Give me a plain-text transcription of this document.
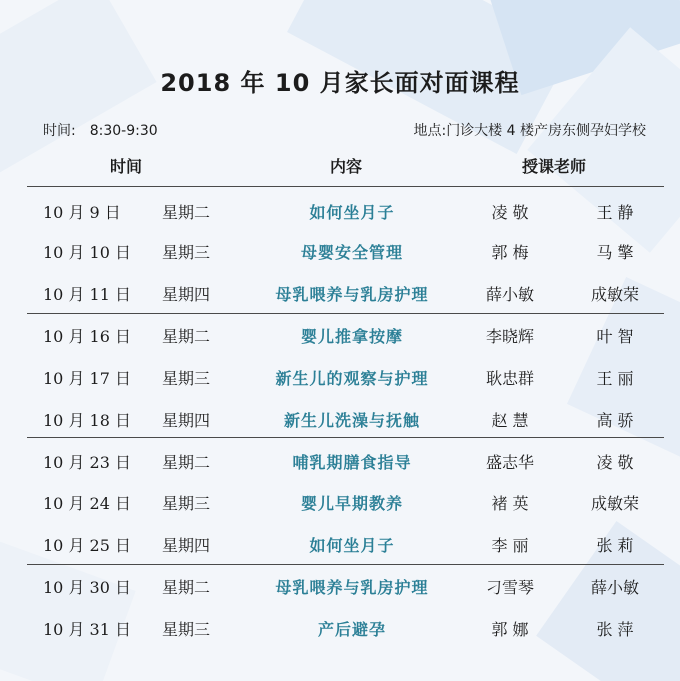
2018 年 10 月家长面对面课程
时间: 8:30-9:30	地点:门诊大楼 4 楼产房东侧孕妇学校
时间	内容	授课老师
10 月 9 日	星期二	如何坐月子	凌 敬	王 静
10 月 10 日 星期三	母婴安全管理	郭 梅	马 擎
10 月 11 日 星期四	母乳喂养与乳房护理	薛小敏	成敏荣
10 月 16 日 星期二	婴儿推拿按摩	李晓辉	叶 智
10 月 17 日 星期三	新生儿的观察与护理	耿忠群	王 丽
10 月 18 日 星期四	新生儿洗澡与抚触	赵 慧	高 骄
10 月 23 日 星期二	哺乳期膳食指导	盛志华	凌 敬
10 月 24 日 星期三	婴儿早期教养	褚 英	成敏荣
10 月 25 日 星期四	如何坐月子	李 丽	张 莉
10 月 30 日 星期二	母乳喂养与乳房护理	刁雪琴	薛小敏
10 月 31 日 星期三	产后避孕	郭 娜	张 萍
